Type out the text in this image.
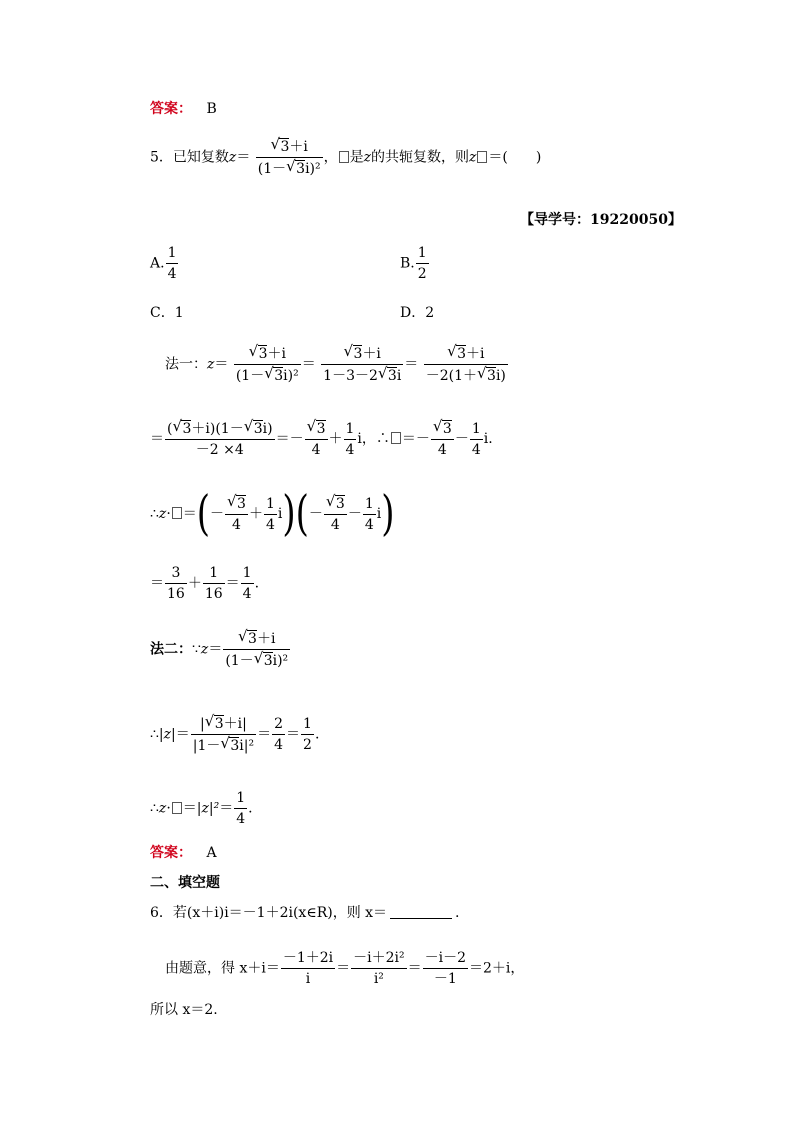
答案： B
5．已知复数z＝ √ $\frac{3+i}{\text{(1－ √ 3i)²}}$ ， 是z的共轭复数，则z ＝(　　)
【导学号：19220050】
A. $\frac{1}{4}$	B. $\frac{1}{2}$
C．1	D．2
法一：z＝ √ $\frac{3+i}{\text{(1－ √ 3i)²}}$ ＝ √ $\frac{3+i}{1-3-2 √ 3i}$ ＝ √ $\frac{3+i}{-2(1+ √ 3i)}$
＝ $\frac{( √ 3+i)(1- √ 3i)}{-2 \times 4}$ ＝－ √ $\frac{3}{4} + \frac{1}{4}$ i，∴ ＝－ √ $\frac{3}{4} - \frac{1}{4} i$.
∴z· ＝(－ √ $\frac{3}{4} + \frac{1}{4} i)(-$ √ $\frac{3}{4} - \frac{1}{4} i$)
＝ $\frac{3}{16} + \frac{1}{16} = \frac{1}{4}$ .
法二：∵z＝ √ $\frac{3+i}{\text{(1－ √ 3i)²}}$
∴|z|＝ $\frac{| √ 3+i|}{\text{|1－ √ 3i|²}} = \frac{2}{4} = \frac{1}{2}$ .
∴z· $=|z|^2= \frac{1}{4}$ .
答案： A
二、填空题
6．若(x＋i)i＝－1＋2i(x∈R)，则 x＝	.
由题意，得 $x+i= \frac{-1+2i}{i} = \frac{\text{－i＋2i²}}{\text{i²}} = \frac{-i-2}{-1} =2+i$，
所以 x＝2.
